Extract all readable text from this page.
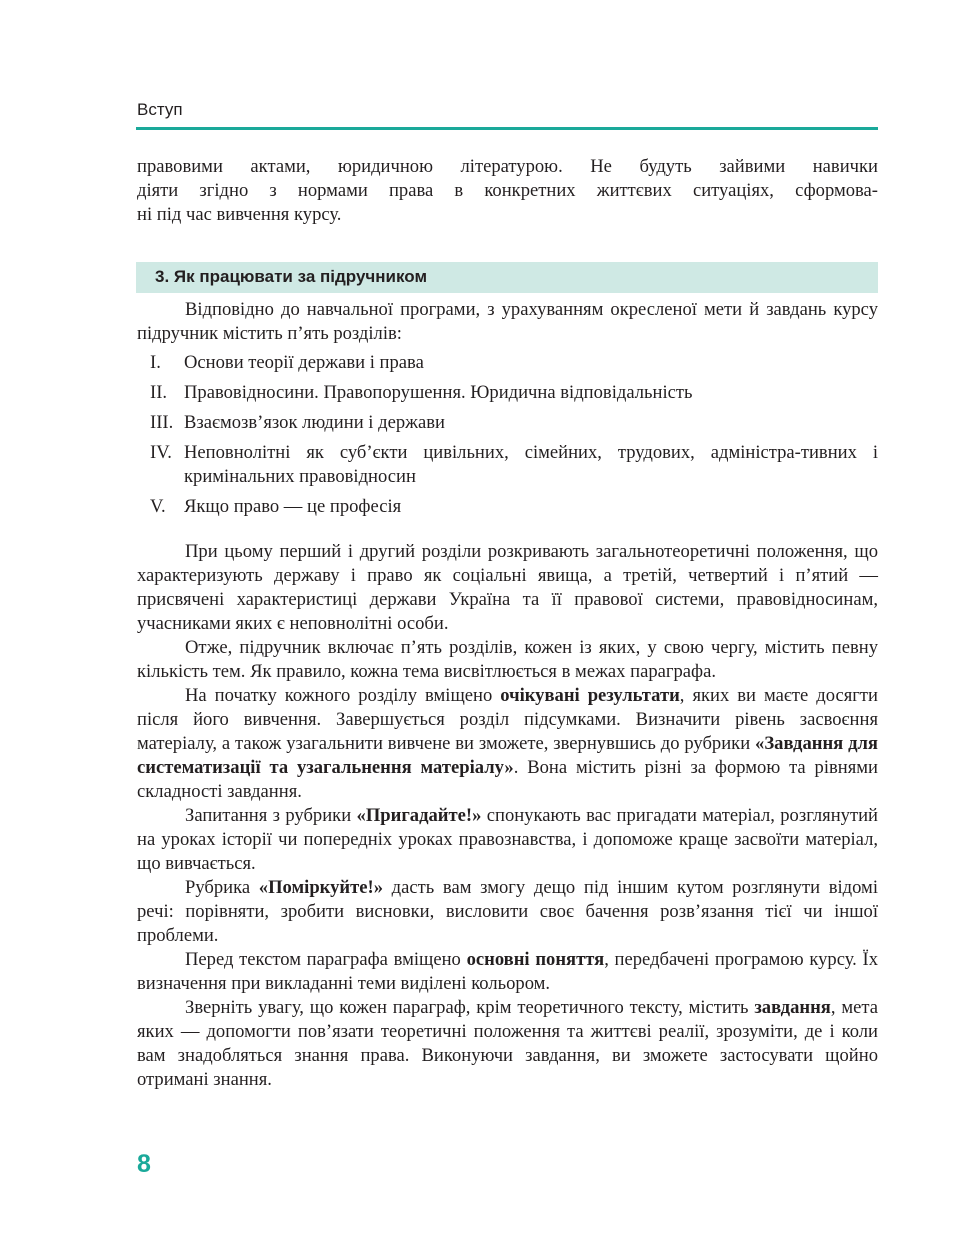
Вступ
правовими актами, юридичною літературою. Не будуть зайвими навички
діяти згідно з нормами права в конкретних життєвих ситуаціях, сформова-
ні під час вивчення курсу.
3. Як працювати за підручником

Відповідно до навчальної програми, з урахуванням окресленої мети й завдань курсу підручник містить п’ять розділів:

I.	Основи теорії держави і права
II. Правовідносини. Правопорушення. Юридична відповідальність
III. Взаємозв’язок людини і держави
IV. Неповнолітні як суб’єкти цивільних, сімейних, трудових, адміністра-тивних і кримінальних правовідносин
V. Якщо право — це професія

При цьому перший і другий розділи розкривають загальнотеоретичні положення, що характеризують державу і право як соціальні явища, а третій, четвертий і п’ятий — присвячені характеристиці держави Україна та її правової системи, правовідносинам, учасниками яких є неповнолітні особи.

Отже, підручник включає п’ять розділів, кожен із яких, у свою чергу, містить певну кількість тем. Як правило, кожна тема висвітлюється в межах параграфа.

На початку кожного розділу вміщено очікувані результати, яких ви маєте досягти після його вивчення. Завершується розділ підсумками. Визначити рівень засвоєння матеріалу, а також узагальнити вивчене ви зможете, звернувшись до рубрики «Завдання для систематизації та узагальнення матеріалу». Вона містить різні за формою та рівнями складності завдання.

Запитання з рубрики «Пригадайте!» спонукають вас пригадати матеріал, розглянутий на уроках історії чи попередніх уроках правознавства, і допоможе краще засвоїти матеріал, що вивчається.

Рубрика «Поміркуйте!» дасть вам змогу дещо під іншим кутом розглянути відомі речі: порівняти, зробити висновки, висловити своє бачення розв’язання тієї чи іншої проблеми.

Перед текстом параграфа вміщено основні поняття, передбачені програмою курсу. Їх визначення при викладанні теми виділені кольором.

Зверніть увагу, що кожен параграф, крім теоретичного тексту, містить завдання, мета яких — допомогти пов’язати теоретичні положення та життєві реалії, зрозуміти, де і коли вам знадобляться знання права. Виконуючи завдання, ви зможете застосувати щойно отримані знання.

8
